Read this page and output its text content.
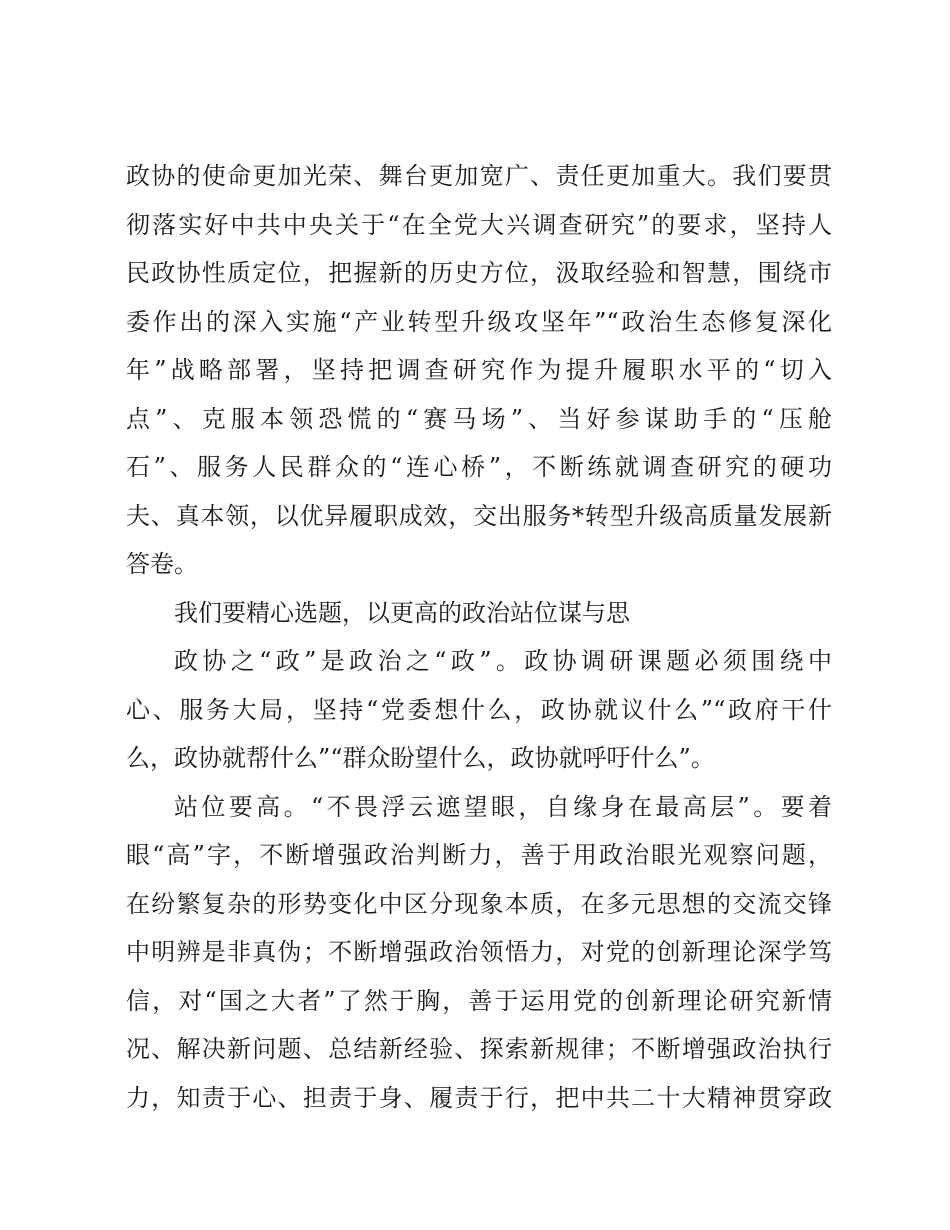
政协的使命更加光荣、舞台更加宽广、责任更加重大。我们要贯
彻落实好中共中央关于“在全党大兴调查研究”的要求，坚持人
民政协性质定位，把握新的历史方位，汲取经验和智慧，围绕市
委作出的深入实施“产业转型升级攻坚年”“政治生态修复深化
年”战略部署，坚持把调查研究作为提升履职水平的“切入
点”、克服本领恐慌的“赛马场”、当好参谋助手的“压舱
石”、服务人民群众的“连心桥”，不断练就调查研究的硬功
夫、真本领，以优异履职成效，交出服务*转型升级高质量发展新
答卷。
我们要精心选题，以更高的政治站位谋与思
政协之“政”是政治之“政”。政协调研课题必须围绕中
心、服务大局，坚持“党委想什么，政协就议什么”“政府干什
么，政协就帮什么”“群众盼望什么，政协就呼吁什么”。
站位要高。“不畏浮云遮望眼，自缘身在最高层”。要着
眼“高”字，不断增强政治判断力，善于用政治眼光观察问题，
在纷繁复杂的形势变化中区分现象本质，在多元思想的交流交锋
中明辨是非真伪；不断增强政治领悟力，对党的创新理论深学笃
信，对“国之大者”了然于胸，善于运用党的创新理论研究新情
况、解决新问题、总结新经验、探索新规律；不断增强政治执行
力，知责于心、担责于身、履责于行，把中共二十大精神贯穿政
